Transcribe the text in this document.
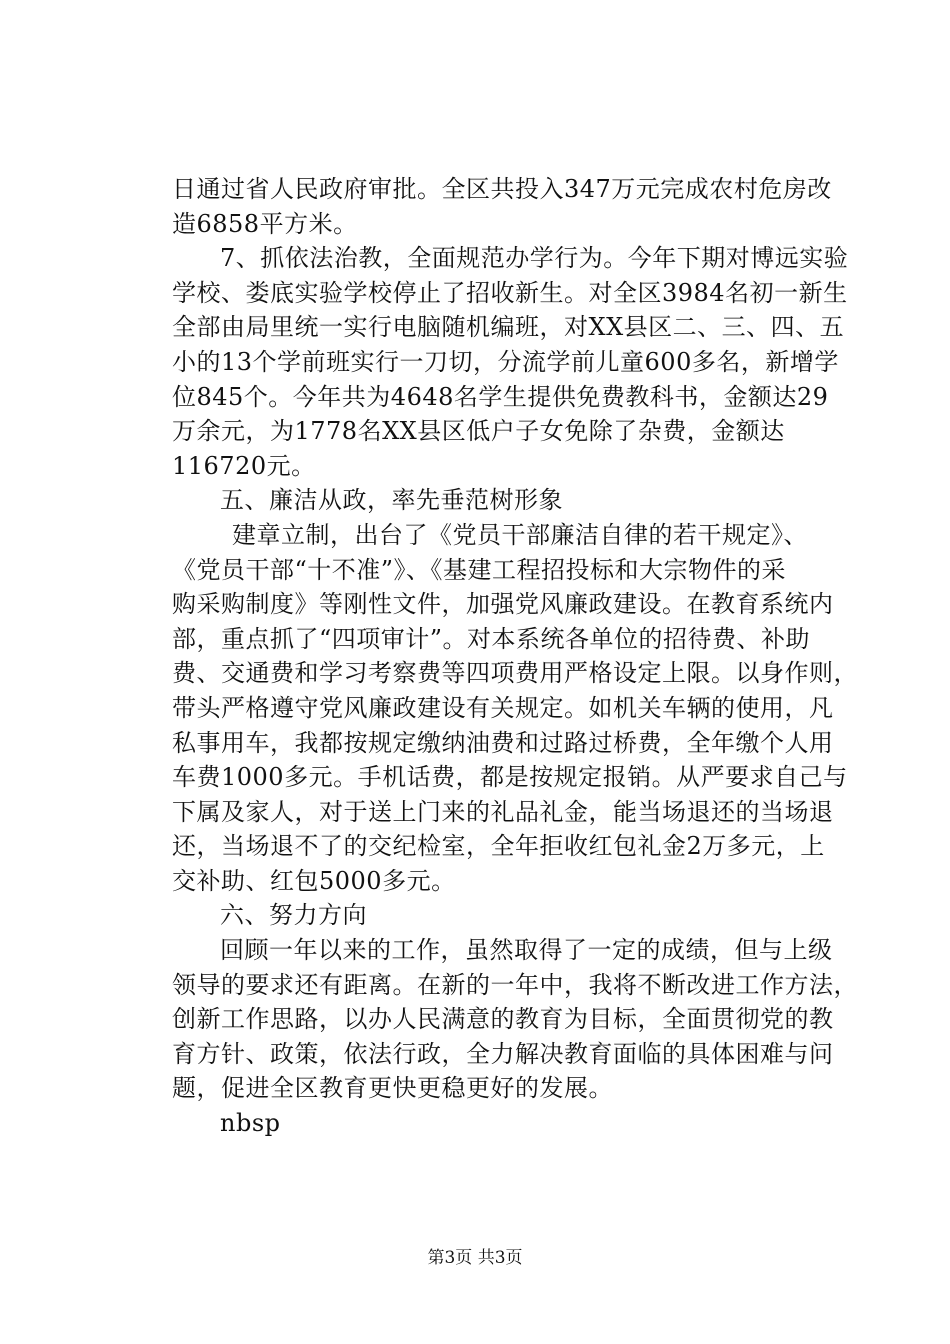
日通过省人民政府审批。全区共投入347万元完成农村危房改
造6858平方米。
7、抓依法治教，全面规范办学行为。今年下期对博远实验
学校、娄底实验学校停止了招收新生。对全区3984名初一新生
全部由局里统一实行电脑随机编班，对XX县区二、三、四、五
小的13个学前班实行一刀切，分流学前儿童600多名，新增学
位845个。今年共为4648名学生提供免费教科书，金额达29
万余元，为1778名XX县区低户子女免除了杂费，金额达
116720元。
五、廉洁从政，率先垂范树形象
建章立制，出台了《党员干部廉洁自律的若干规定》、
《党员干部“十不准”》、《基建工程招投标和大宗物件的采
购采购制度》等刚性文件，加强党风廉政建设。在教育系统内
部，重点抓了“四项审计”。对本系统各单位的招待费、补助
费、交通费和学习考察费等四项费用严格设定上限。以身作则，
带头严格遵守党风廉政建设有关规定。如机关车辆的使用，凡
私事用车，我都按规定缴纳油费和过路过桥费，全年缴个人用
车费1000多元。手机话费，都是按规定报销。从严要求自己与
下属及家人，对于送上门来的礼品礼金，能当场退还的当场退
还，当场退不了的交纪检室，全年拒收红包礼金2万多元，上
交补助、红包5000多元。
六、努力方向
回顾一年以来的工作，虽然取得了一定的成绩，但与上级
领导的要求还有距离。在新的一年中，我将不断改进工作方法，
创新工作思路，以办人民满意的教育为目标，全面贯彻党的教
育方针、政策，依法行政，全力解决教育面临的具体困难与问
题，促进全区教育更快更稳更好的发展。
nbsp
第3页 共3页
